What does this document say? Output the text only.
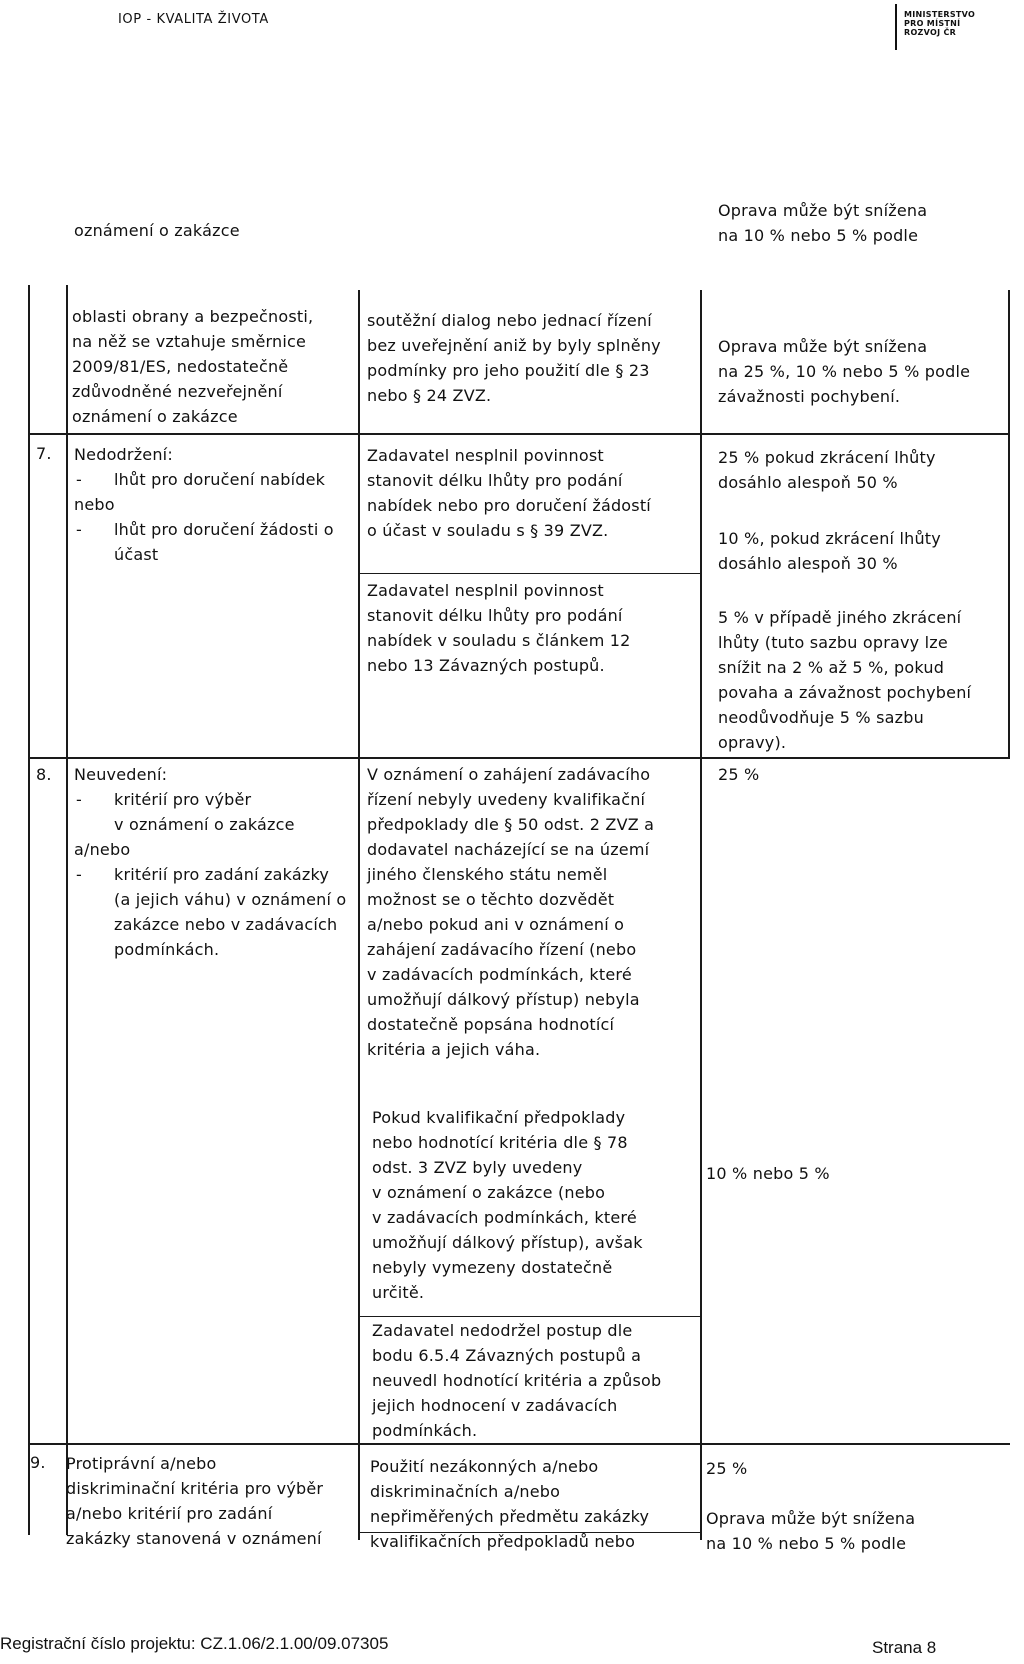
IOP - KVALITA ŽIVOTA	MINISTERSTVO
PRO MÍSTNÍ
ROZVOJ ČR
oznámení o zakázce
Oprava může být snížena
na 10 % nebo 5 % podle
oblasti obrany a bezpečnosti,
na něž se vztahuje směrnice
2009/81/ES, nedostatečně
zdůvodněné nezveřejnění
oznámení o zakázce
soutěžní dialog nebo jednací řízení
bez uveřejnění aniž by byly splněny
podmínky pro jeho použití dle § 23
nebo § 24 ZVZ.
Oprava může být snížena
na 25 %, 10 % nebo 5 % podle
závažnosti pochybení.
7. Nedodržení:
- lhůt pro doručení nabídek
nebo
- lhůt pro doručení žádosti o
účast
Zadavatel nesplnil povinnost
stanovit délku lhůty pro podání
nabídek nebo pro doručení žádostí
o účast v souladu s § 39 ZVZ.
Zadavatel nesplnil povinnost
stanovit délku lhůty pro podání
nabídek v souladu s článkem 12
nebo 13 Závazných postupů.
25 % pokud zkrácení lhůty
dosáhlo alespoň 50 %
10 %, pokud zkrácení lhůty
dosáhlo alespoň 30 %
5 % v případě jiného zkrácení
lhůty (tuto sazbu opravy lze
snížit na 2 % až 5 %, pokud
povaha a závažnost pochybení
neodůvodňuje 5 % sazbu
opravy).
8. Neuvedení:
- kritérií pro výběr
v oznámení o zakázce
a/nebo
- kritérií pro zadání zakázky
(a jejich váhu) v oznámení o
zakázce nebo v zadávacích
podmínkách.
V oznámení o zahájení zadávacího
řízení nebyly uvedeny kvalifikační
předpoklady dle § 50 odst. 2 ZVZ a
dodavatel nacházející se na území
jiného členského státu neměl
možnost se o těchto dozvědět
a/nebo pokud ani v oznámení o
zahájení zadávacího řízení (nebo
v zadávacích podmínkách, které
umožňují dálkový přístup) nebyla
dostatečně popsána hodnotící
kritéria a jejich váha.
25 %
Pokud kvalifikační předpoklady
nebo hodnotící kritéria dle § 78
odst. 3 ZVZ byly uvedeny
v oznámení o zakázce (nebo
v zadávacích podmínkách, které
umožňují dálkový přístup), avšak
nebyly vymezeny dostatečně
určitě.
10 % nebo 5 %
Zadavatel nedodržel postup dle
bodu 6.5.4 Závazných postupů a
neuvedl hodnotící kritéria a způsob
jejich hodnocení v zadávacích
podmínkách.
9. Protiprávní a/nebo
diskriminační kritéria pro výběr
a/nebo kritérií pro zadání
zakázky stanovená v oznámení
Použití nezákonných a/nebo
diskriminačních a/nebo
nepřiměřených předmětu zakázky
kvalifikačních předpokladů nebo
25 %
Oprava může být snížena
na 10 % nebo 5 % podle
Registrační číslo projektu: CZ.1.06/2.1.00/09.07305	Strana 8
